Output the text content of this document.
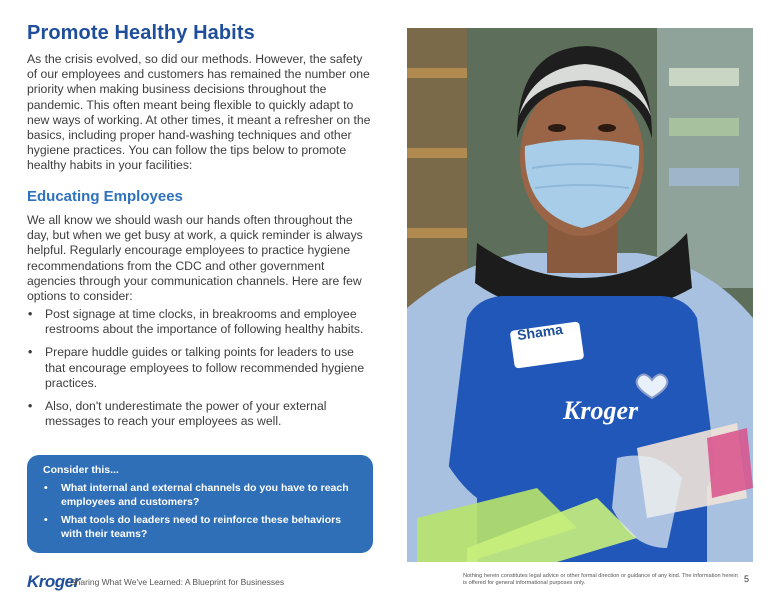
Promote Healthy Habits

As the crisis evolved, so did our methods. However, the safety of our employees and customers has remained the number one priority when making business decisions throughout the pandemic. This often meant being flexible to quickly adapt to new ways of working. At other times, it meant a refresher on the basics, including proper hand-washing techniques and other hygiene practices. You can follow the tips below to promote healthy habits in your facilities:

Educating Employees

We all know we should wash our hands often throughout the day, but when we get busy at work, a quick reminder is always helpful. Regularly encourage employees to practice hygiene recommendations from the CDC and other government agencies through your communication channels. Here are few options to consider:

• Post signage at time clocks, in breakrooms and employee restrooms about the importance of following healthy habits.
• Prepare huddle guides or talking points for leaders to use that encourage employees to follow recommended hygiene practices.
• Also, don't underestimate the power of your external messages to reach your employees as well.
Consider this...
• What internal and external channels do you have to reach employees and customers?
• What tools do leaders need to reinforce these behaviors with their teams?
Shama
Kroger
Kroger
Sharing What We've Learned: A Blueprint for Businesses
Nothing herein constitutes legal advice or other formal direction or guidance of any kind. The information herein is offered for general informational purposes only.	5
